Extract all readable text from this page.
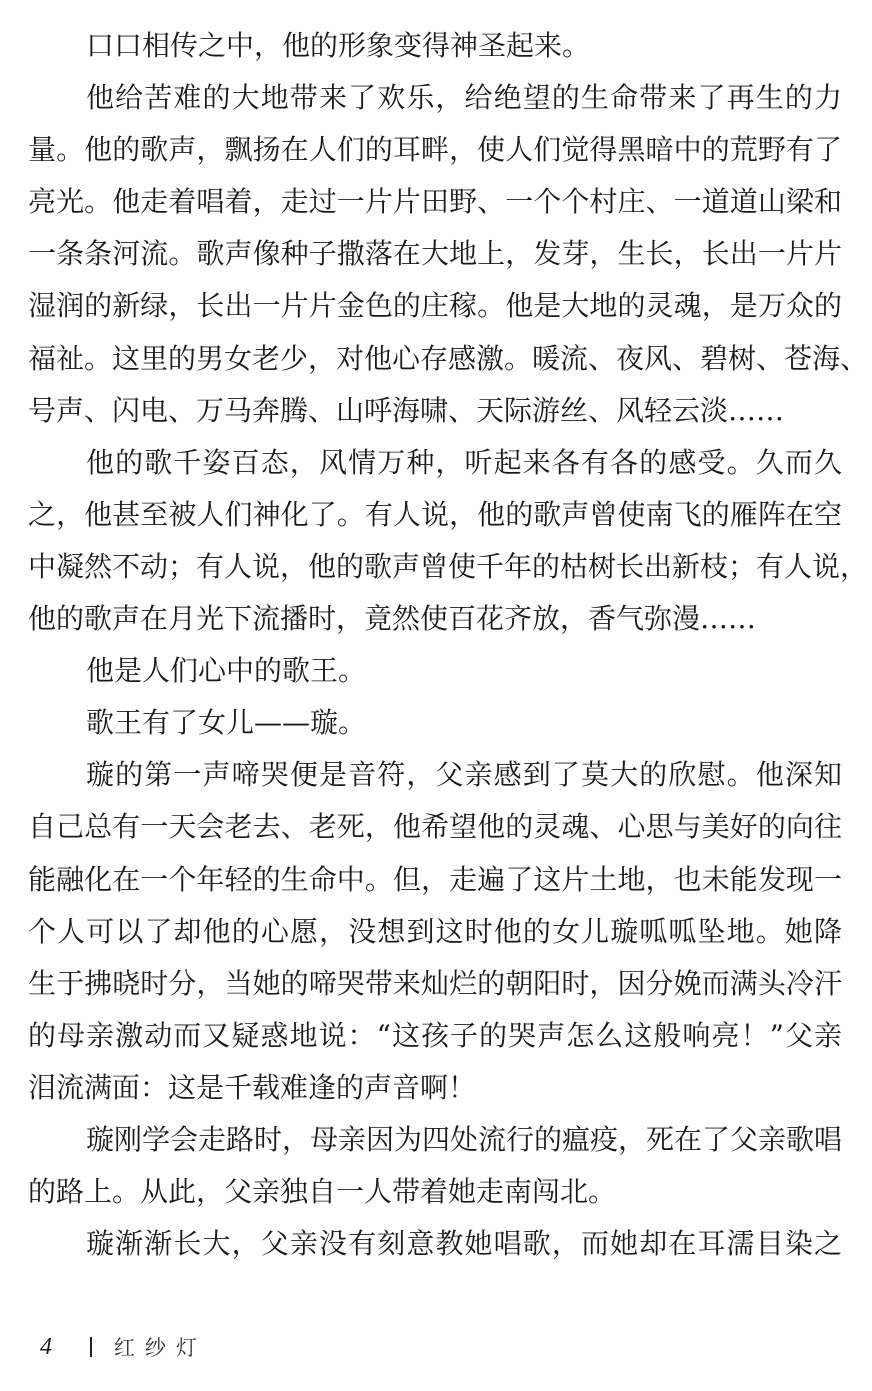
口口相传之中，他的形象变得神圣起来。
他给苦难的大地带来了欢乐，给绝望的生命带来了再生的力
量。他的歌声，飘扬在人们的耳畔，使人们觉得黑暗中的荒野有了
亮光。他走着唱着，走过一片片田野、一个个村庄、一道道山梁和
一条条河流。歌声像种子撒落在大地上，发芽，生长，长出一片片
湿润的新绿，长出一片片金色的庄稼。他是大地的灵魂，是万众的
福祉。这里的男女老少，对他心存感激。暖流、夜风、碧树、苍海、
号声、闪电、万马奔腾、山呼海啸、天际游丝、风轻云淡……
他的歌千姿百态，风情万种，听起来各有各的感受。久而久
之，他甚至被人们神化了。有人说，他的歌声曾使南飞的雁阵在空
中凝然不动；有人说，他的歌声曾使千年的枯树长出新枝；有人说，
他的歌声在月光下流播时，竟然使百花齐放，香气弥漫……
他是人们心中的歌王。
歌王有了女儿——璇。
璇的第一声啼哭便是音符，父亲感到了莫大的欣慰。他深知
自己总有一天会老去、老死，他希望他的灵魂、心思与美好的向往
能融化在一个年轻的生命中。但，走遍了这片土地，也未能发现一
个人可以了却他的心愿，没想到这时他的女儿璇呱呱坠地。她降
生于拂晓时分，当她的啼哭带来灿烂的朝阳时，因分娩而满头冷汗
的母亲激动而又疑惑地说：“这孩子的哭声怎么这般响亮！”父亲
泪流满面：这是千载难逢的声音啊！
璇刚学会走路时，母亲因为四处流行的瘟疫，死在了父亲歌唱
的路上。从此，父亲独自一人带着她走南闯北。
璇渐渐长大，父亲没有刻意教她唱歌，而她却在耳濡目染之
4	红纱灯
